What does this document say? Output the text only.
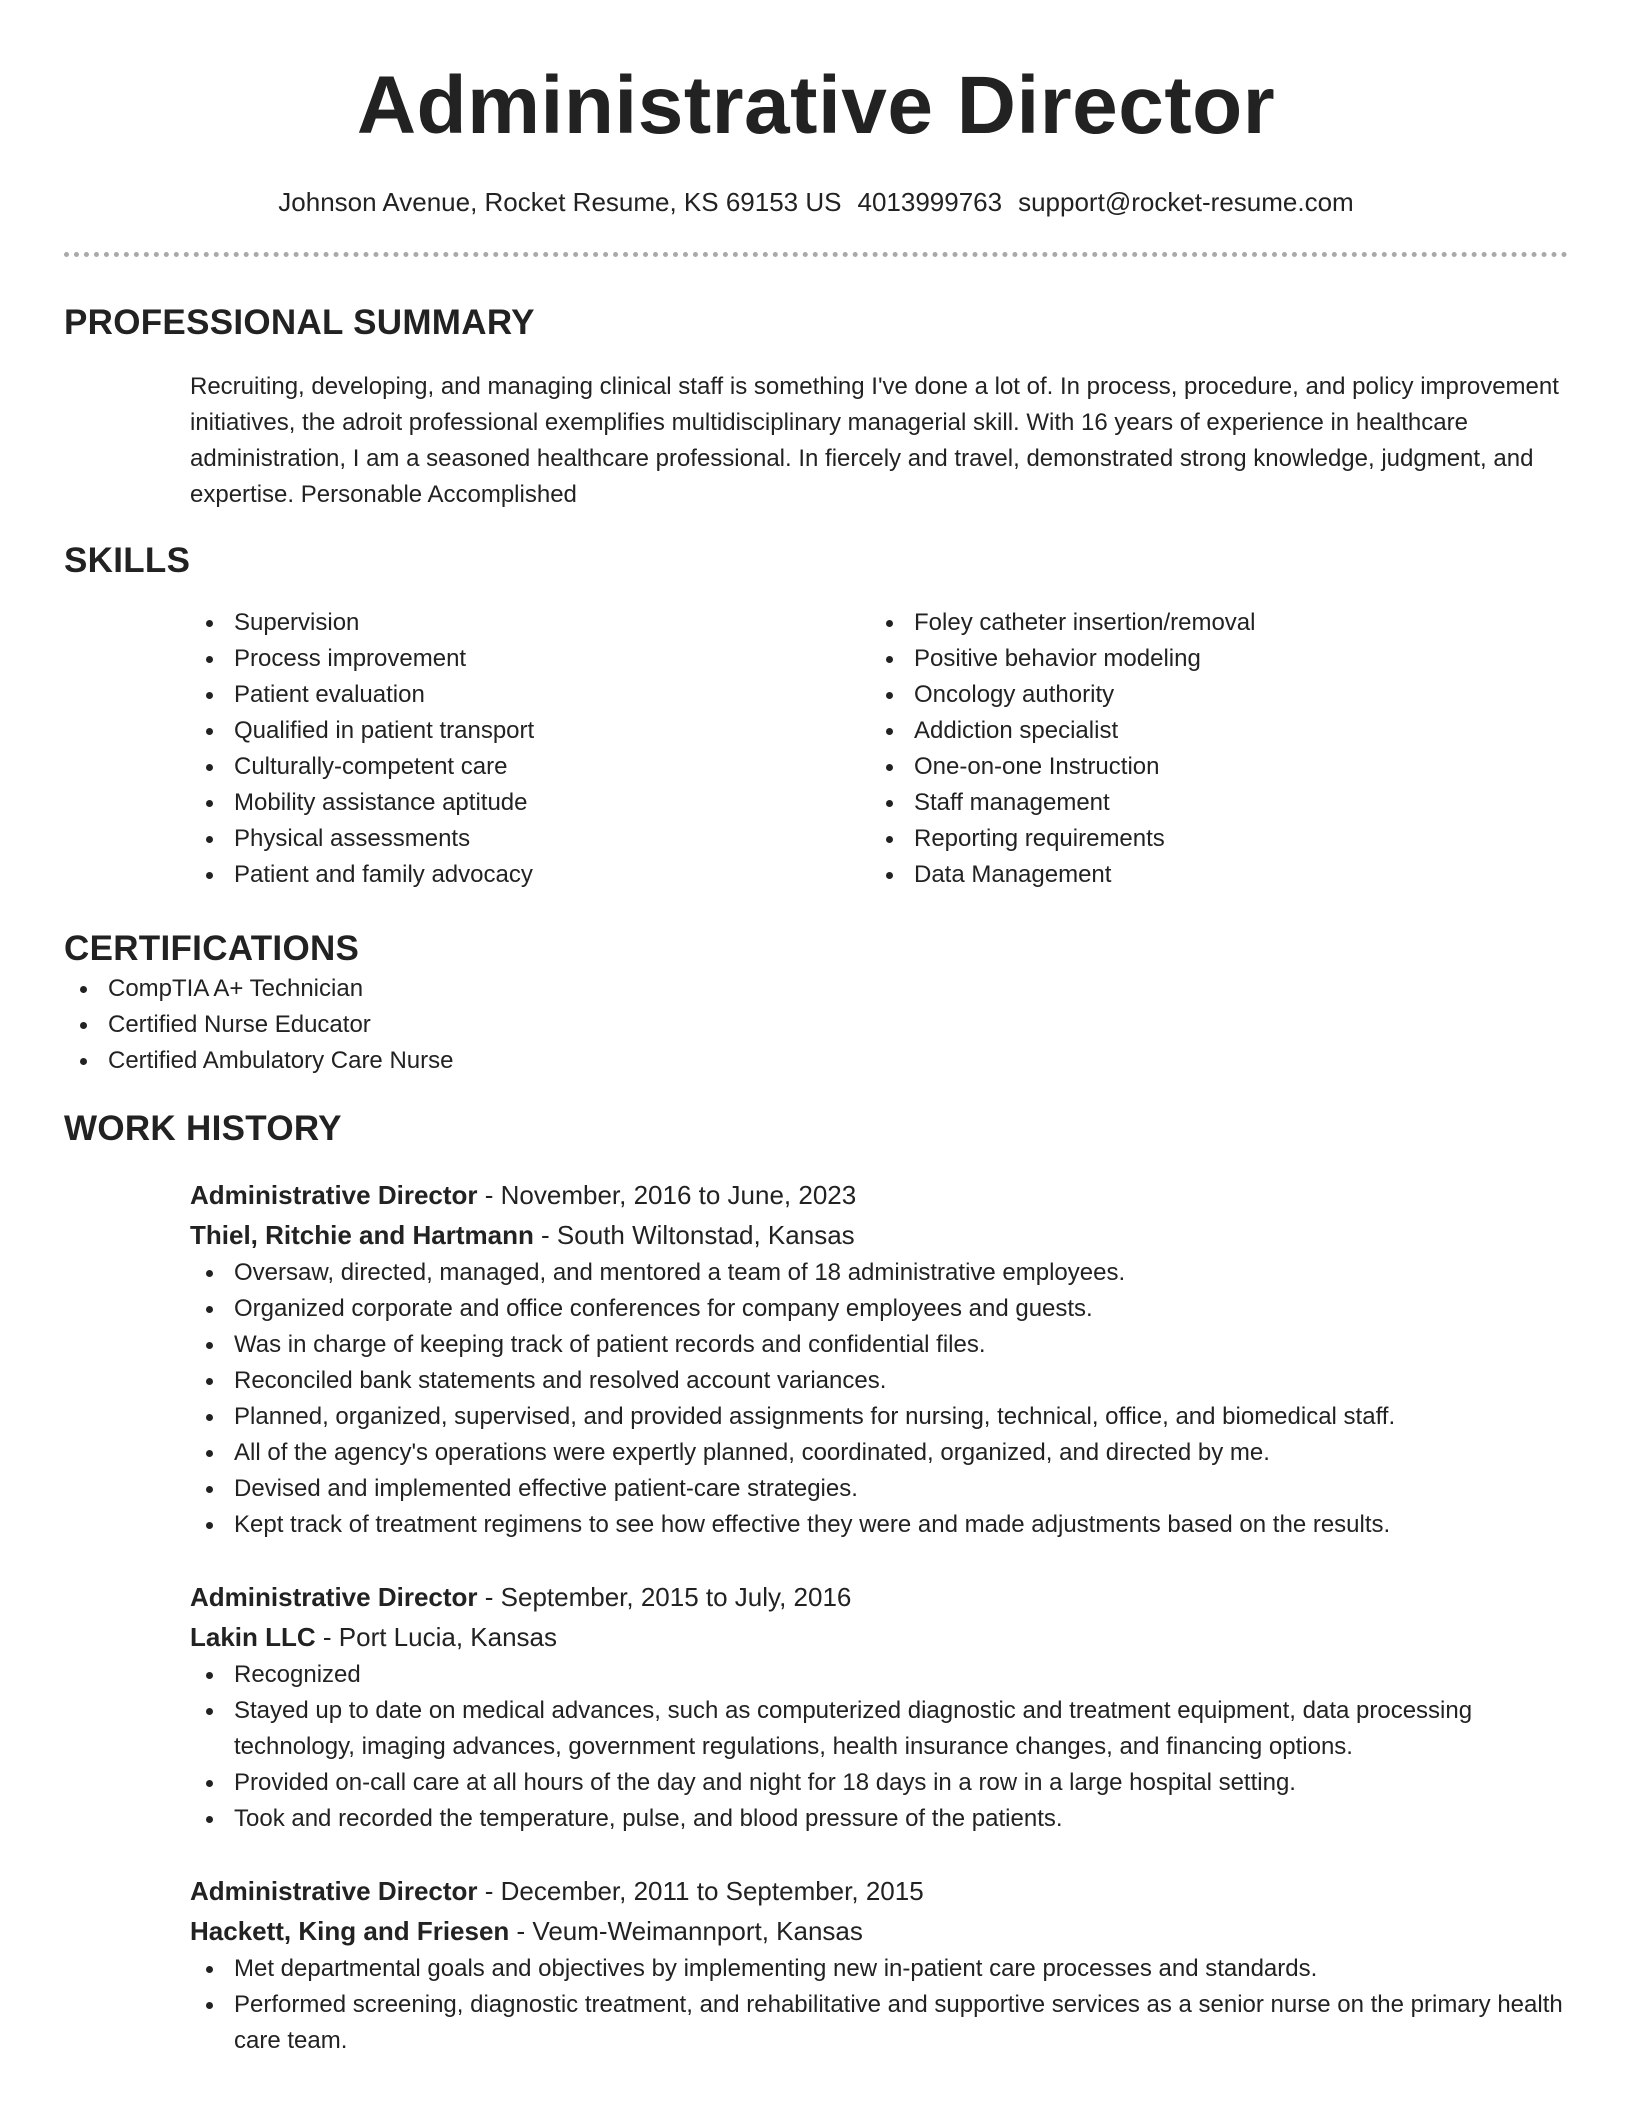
Administrative Director
Johnson Avenue, Rocket Resume, KS 69153 US 4013999763 support@rocket-resume.com
PROFESSIONAL SUMMARY

Recruiting, developing, and managing clinical staff is something I've done a lot of. In process, procedure, and policy improvement initiatives, the adroit professional exemplifies multidisciplinary managerial skill. With 16 years of experience in healthcare administration, I am a seasoned healthcare professional. In fiercely and travel, demonstrated strong knowledge, judgment, and expertise. Personable Accomplished

SKILLS
Supervision
Process improvement
Patient evaluation
Qualified in patient transport
Culturally-competent care
Mobility assistance aptitude
Physical assessments
Patient and family advocacy
Foley catheter insertion/removal
Positive behavior modeling
Oncology authority
Addiction specialist
One-on-one Instruction
Staff management
Reporting requirements
Data Management
CERTIFICATIONS
CompTIA A+ Technician
Certified Nurse Educator
Certified Ambulatory Care Nurse
WORK HISTORY
Administrative Director - November, 2016 to June, 2023
Thiel, Ritchie and Hartmann - South Wiltonstad, Kansas
Oversaw, directed, managed, and mentored a team of 18 administrative employees.
Organized corporate and office conferences for company employees and guests.
Was in charge of keeping track of patient records and confidential files.
Reconciled bank statements and resolved account variances.
Planned, organized, supervised, and provided assignments for nursing, technical, office, and biomedical staff.
All of the agency's operations were expertly planned, coordinated, organized, and directed by me.
Devised and implemented effective patient-care strategies.
Kept track of treatment regimens to see how effective they were and made adjustments based on the results.
Administrative Director - September, 2015 to July, 2016
Lakin LLC - Port Lucia, Kansas
Recognized
Stayed up to date on medical advances, such as computerized diagnostic and treatment equipment, data processing technology, imaging advances, government regulations, health insurance changes, and financing options.
Provided on-call care at all hours of the day and night for 18 days in a row in a large hospital setting.
Took and recorded the temperature, pulse, and blood pressure of the patients.
Administrative Director - December, 2011 to September, 2015
Hackett, King and Friesen - Veum-Weimannport, Kansas
Met departmental goals and objectives by implementing new in-patient care processes and standards.
Performed screening, diagnostic treatment, and rehabilitative and supportive services as a senior nurse on the primary health care team.
